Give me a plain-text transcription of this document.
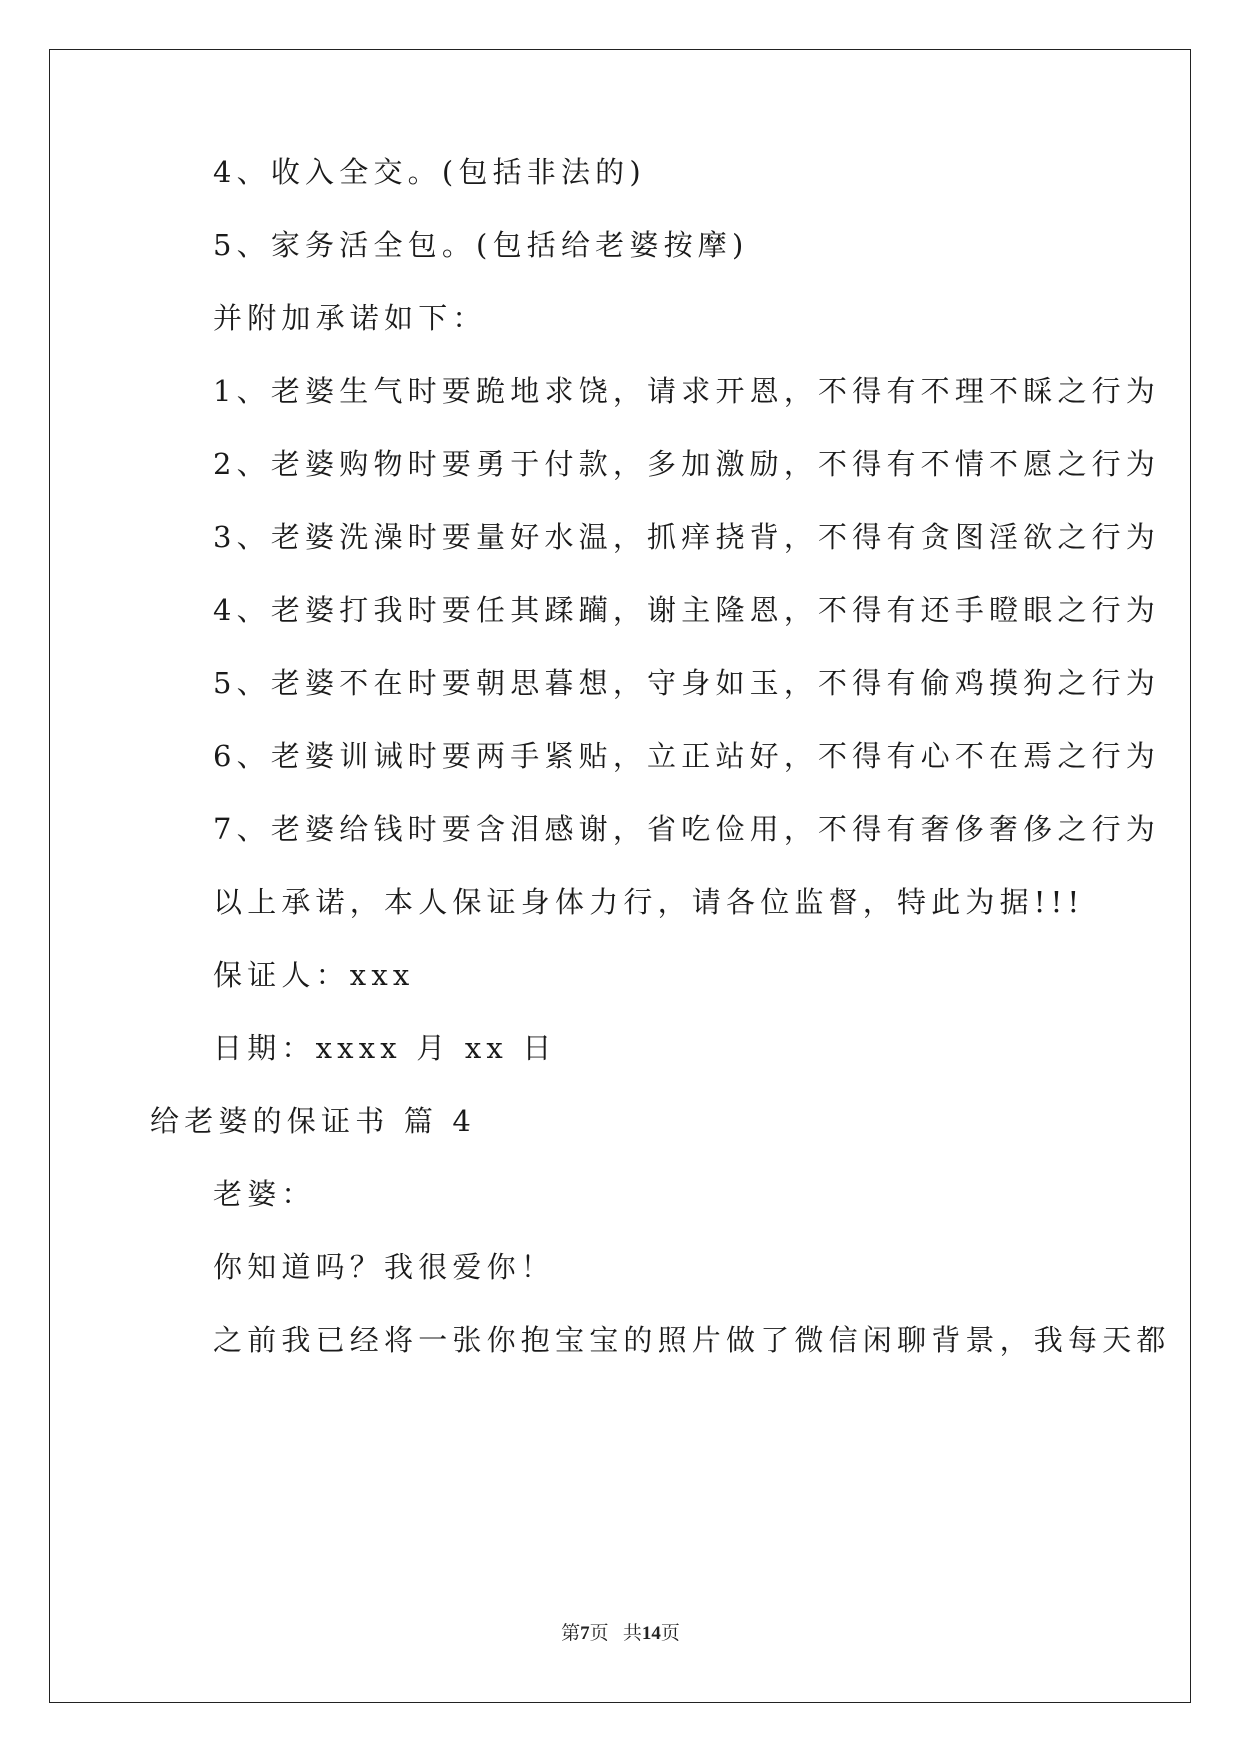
4、收入全交。(包括非法的)
5、家务活全包。(包括给老婆按摩)
并附加承诺如下：
1、老婆生气时要跪地求饶，请求开恩，不得有不理不睬之行为
2、老婆购物时要勇于付款，多加激励，不得有不情不愿之行为
3、老婆洗澡时要量好水温，抓痒挠背，不得有贪图淫欲之行为
4、老婆打我时要任其蹂躏，谢主隆恩，不得有还手瞪眼之行为
5、老婆不在时要朝思暮想，守身如玉，不得有偷鸡摸狗之行为
6、老婆训诫时要两手紧贴，立正站好，不得有心不在焉之行为
7、老婆给钱时要含泪感谢，省吃俭用，不得有奢侈奢侈之行为
以上承诺，本人保证身体力行，请各位监督，特此为据!!!
保证人：xxx
日期：xxxx 月 xx 日
给老婆的保证书 篇 4
老婆：
你知道吗？我很爱你！
之前我已经将一张你抱宝宝的照片做了微信闲聊背景，我每天都
第7页 共14页
